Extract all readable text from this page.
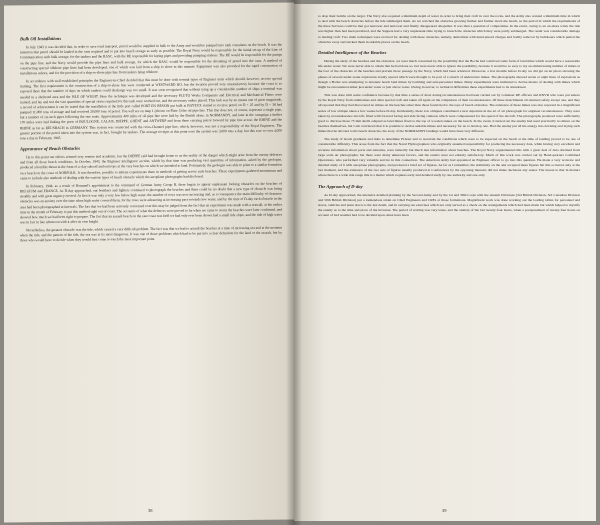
Bulk Oil Installations

In July 1943 it was decided that, in order to save road transport, petrol would be supplied in bulk to the Army and would be pumped into tank containers on the beach. It was the intention that petrol should be landed in the cans required and to put into beach storage as early as possible. The Royal Navy would be responsible for the initial set-up of the Line of Communication with bulk storage, for the tankers and the RASC, with the RE responsible for laying pipes and providing pumping stations. The RE would be responsible for the pumps on the pipe line, and the Navy would provide the pipe lines and bulk storage, for which the RASC would be responsible for the decanting of petrol into the cans. A method of constructing special offshore pipe lines had been developed, one of which was laid from a ship to shore in this manner. Equipment was also provided for the rapid construction of installations ashore, and for the provision of a ship-to-shore pipe line from tankers lying offshore.

In accordance with well-established principles the Engineer-in-Chief decided that this must be done with normal types of Engineer units which should, however, receive special training. The first requirement is the construction of a ship-to-shore line were conducted at WESTWARD HO, but the location proved very unsatisfactory because the coast is so exposed there that the number of days on which tankers could discharge was too small. It was soon recognised that without tying up a considerable number of ships a terminal was needed in a sheltered area and the ISLE OF WIGHT. Here the technique was developed and the necessary PLUTO Works Companies and Electrical and Mechanical Fitters were trained, and lay and test the vast quantities of special stores required for this task were worked out, and the necessary orders placed. This task was by no means one of great magnitude, a record of achievement it can be stated that the installation at the little port called PORT EN BESSIN put bulk at BAYEUX started to receive petrol on D + 25 and by D + 38 had pumped 11,000 tons of storage and had received 20,000 tons of petrol. You will see on map 1 (shown on Plate 3) the oil pipe line. This line does not, of course, represent a single pipe, but a number of six-inch pipes following the one route. Approximately 400 miles of oil pipe line were laid by the British alone, in NORMANDY, and later in the campaign a further 170 miles were laid linking the ports of BOULOGNE, CALAIS, DIEPPE, GHENT and ANTWERP and from there carrying petrol forward by pipe line across the RHINE and the RHINE as far as REUSBACH in GERMANY. This system was connected with the cross-Channel pipe line, which, however, was not a responsibility of the Royal Engineers. The greater portion of the petrol taken into the system was, in fact, brought by tankers. The average receipts at this point over the system was 3,000 tons a day, but this rose to over 4,000 tons a day in February, 1945.

Appearance of Beach Obstacles

Up to this point our efforts seemed very remote and academic, but the DIEPPE raid had brought home to us the reality of the danger which might arise from the enemy defences and from all those beach conditions. In October, 1943, the Engineer intelligence section, which by that time was producing vast quantities of information, asked by the geologist, produced a horrible threat in the form of a clay subsoil and outcrops at the very beaches on which we intended to land. Fortunately, the geologist was able to point to a similar formation on a beach on the coast of NORFOLK. It was therefore, possible to initiate experiments there in methods of getting across such beaches. These experiments gathered momentum and came to include also methods of dealing with the various types of beach obstacle which the aeroplane photographs had disclosed.

In February, 1944, as a result of Rommel's appointment to the command of German Army Group B, there began to appear unpleasant looking obstacles on the beaches of BELGIUM and FRANCE. As D-day approached, our bombers and fighters continued to photograph the beaches and there could be no doubt that a new type of obstacle was being steadily and with great urgency erected. At first it was only a very few below high water, the number of rows was now increasing and, as a consequence the main difficulty of clearance obstacles was an anxiety over the time when high water covered them, for the rows were advancing at increasing pace towards low water, and by the time of D-day each obstacle in the area had been photographed at intervals. The fact that we had been seriously concerned over this may be judged from the fact that an experiment was made with a seawall, at the earlier time in the month of February to put this method right out of court. The accounts of what the defences were proved to be when we came to storm the beaches were later confirmed, and showed how much we had been right to prepare. The fact that an assault beach on the east coast was held we had only ever been shown had a small tide slope, and the tide of high water was in fact in late afternoon with it after its own height.

Nevertheless, the greatest obstacle was the tide, which caused a very difficult problem. The fact was that we had to assault the beaches at a time of increasing sea and at the moment when the tide, and the pattern of the tide, the sea was at its most dangerous. It was one of those problems which had to be put into a clear definition for the land or the assault, but by those who would have to decide when they would first come to touch the most important point.

38

to drop their bombs on the target. The Navy also required a minimum depth of water in order to bring their craft in over the rocks, and the Army also wanted a minimum time in which to deal with the beach obstacles before the tide submerged them. As we watched the obstacles growing further and further down the beach, so the period in which the requirements of the three Services could be met got narrower and narrower and finally disappeared altogether. It was then a question of compromise. In the event, owing to an on-shore wind, the tide was higher than had been predicted, and the Sappers had a very unpleasant time trying to breach the obstacles which they were partly submerged. The result was considerable damage to landing craft. Two main techniques were evolved for dealing with these obstacles, namely, demolition with hand-placed charges and bodily removal by bulldozers which pulled the obstacles away and stacked them in suitable places on the beach.

Detailed Intelligence of the Beaches

During the study of the beaches and the obstacles, we were much concerned by the possibility that the Boche had contrived some form of land mine which would have a reasonable life under water. We were never able to obtain that he had done so, but were never able to ignore the possibility, because it would be so easy to lay an embarrassing number of mines at the foot of the obstacles of the beaches and prevent more passage by the Navy, which had been achieved. Moreover, a few months before D-day we did get an air photo showing the phases of several under-water explosions evenly spaced which were thought to be part of a stretch of underwater mines. The photographs showed seven or eight lines of explosions as though a Boche was attempting to detonate beach land mines by bombing and anti-personnel mines. Many experiments were instituted to devise means of dealing with mines which might be encountered either just under water or just above water. Owing, however, to technical difficulties these experiments had to be abandoned.

This was done with some confidence because by that time a series of most daring reconnaissances had been carried out by volunteer RE officers and RNVR who were put ashore by the Royal Navy from submarines and other special craft and taken off again on the completion of their reconnaissance. Of these detachments all returned safely except one, and they all reported that they had discovered no mines on the beaches other than those found tied to the tops of beach obstacles. The existence of these mines was also reported in a magnificent series of low oblique taken a few weeks before D-day. Incidentally, these low obliques constituted a new departure in the art of air photograph for engineer reconnaissance. They were taken by reconnaissance aircraft, fitted with forward facing and side facing cameras which were compensated for the speed of the aircraft. The photographs produced were sufficiently good to disclose those 75 mm shells adapted as land mines fixed to the top of wooden stakes on the beach. In the event, it turned out the enemy had used practically no mines on the beaches themselves, but I am convinced that it is possible to devise suitable mines and necessary for us to develop one. Had the enemy put all his energy into devising and laying such mines that he devoted to his beach obstacles, the story of the NORMANDY landings would have been very different.

The study of beach gradients and tides to determine H-hour and to ascertain the conditions which were to be expected on the beach at the time of landing proved to be one of considerable difficulty. This arose from the fact that the Naval Hydrographers who originally assumed responsibility for producing the necessary data, while having very excellent and accurate information about ports and estuaries, were naturally but much less information about beaches. The Royal Navy supplemented this with a great deal of data obtained from large scale air photographs; but there were many unknown factors, and the results were not entirely satisfactory. Much of this work was carried out by Head-quarters Combined Operations, who performed very valuable service in this connection. The American Army had appointed an Engineer officer to go into this question. He made a very accurate and detailed study of it with aeroplane photographs, and produced a brief set of figures. As far as I remember, the Admiralty on the and accepted these figures but this occurred only at the last moment, and the existence of the two sets of figures usually produced at Conferences by the opposing interests did not make decisions any easier. The lesson is that in matters where there is a wide tide range this is a matter which requires early and detailed study by one authority and one only.

The Approach of D-day

As D-day approached, the intensive detailed planning by the Second Army and by the 1st and 30th Corps with the Assault Divisions (3rd British Division, 3rd Canadian Division and 50th British Division) put a tremendous strain on Chief Engineers and CREs at those formations. Magnificent work was done working out the loading tables for personnel and stores, vehicles and plant down to the last detail, and in carrying out exercises which not only served as a check on the arrangements which had been made but which helped to mystify the enemy as to the time and place of the invasion. The period of waiting was very tense, and the anxiety of the last twenty-four hours, when a postponement of twenty-four hours on account of bad weather had to be decided upon, must have been

39
